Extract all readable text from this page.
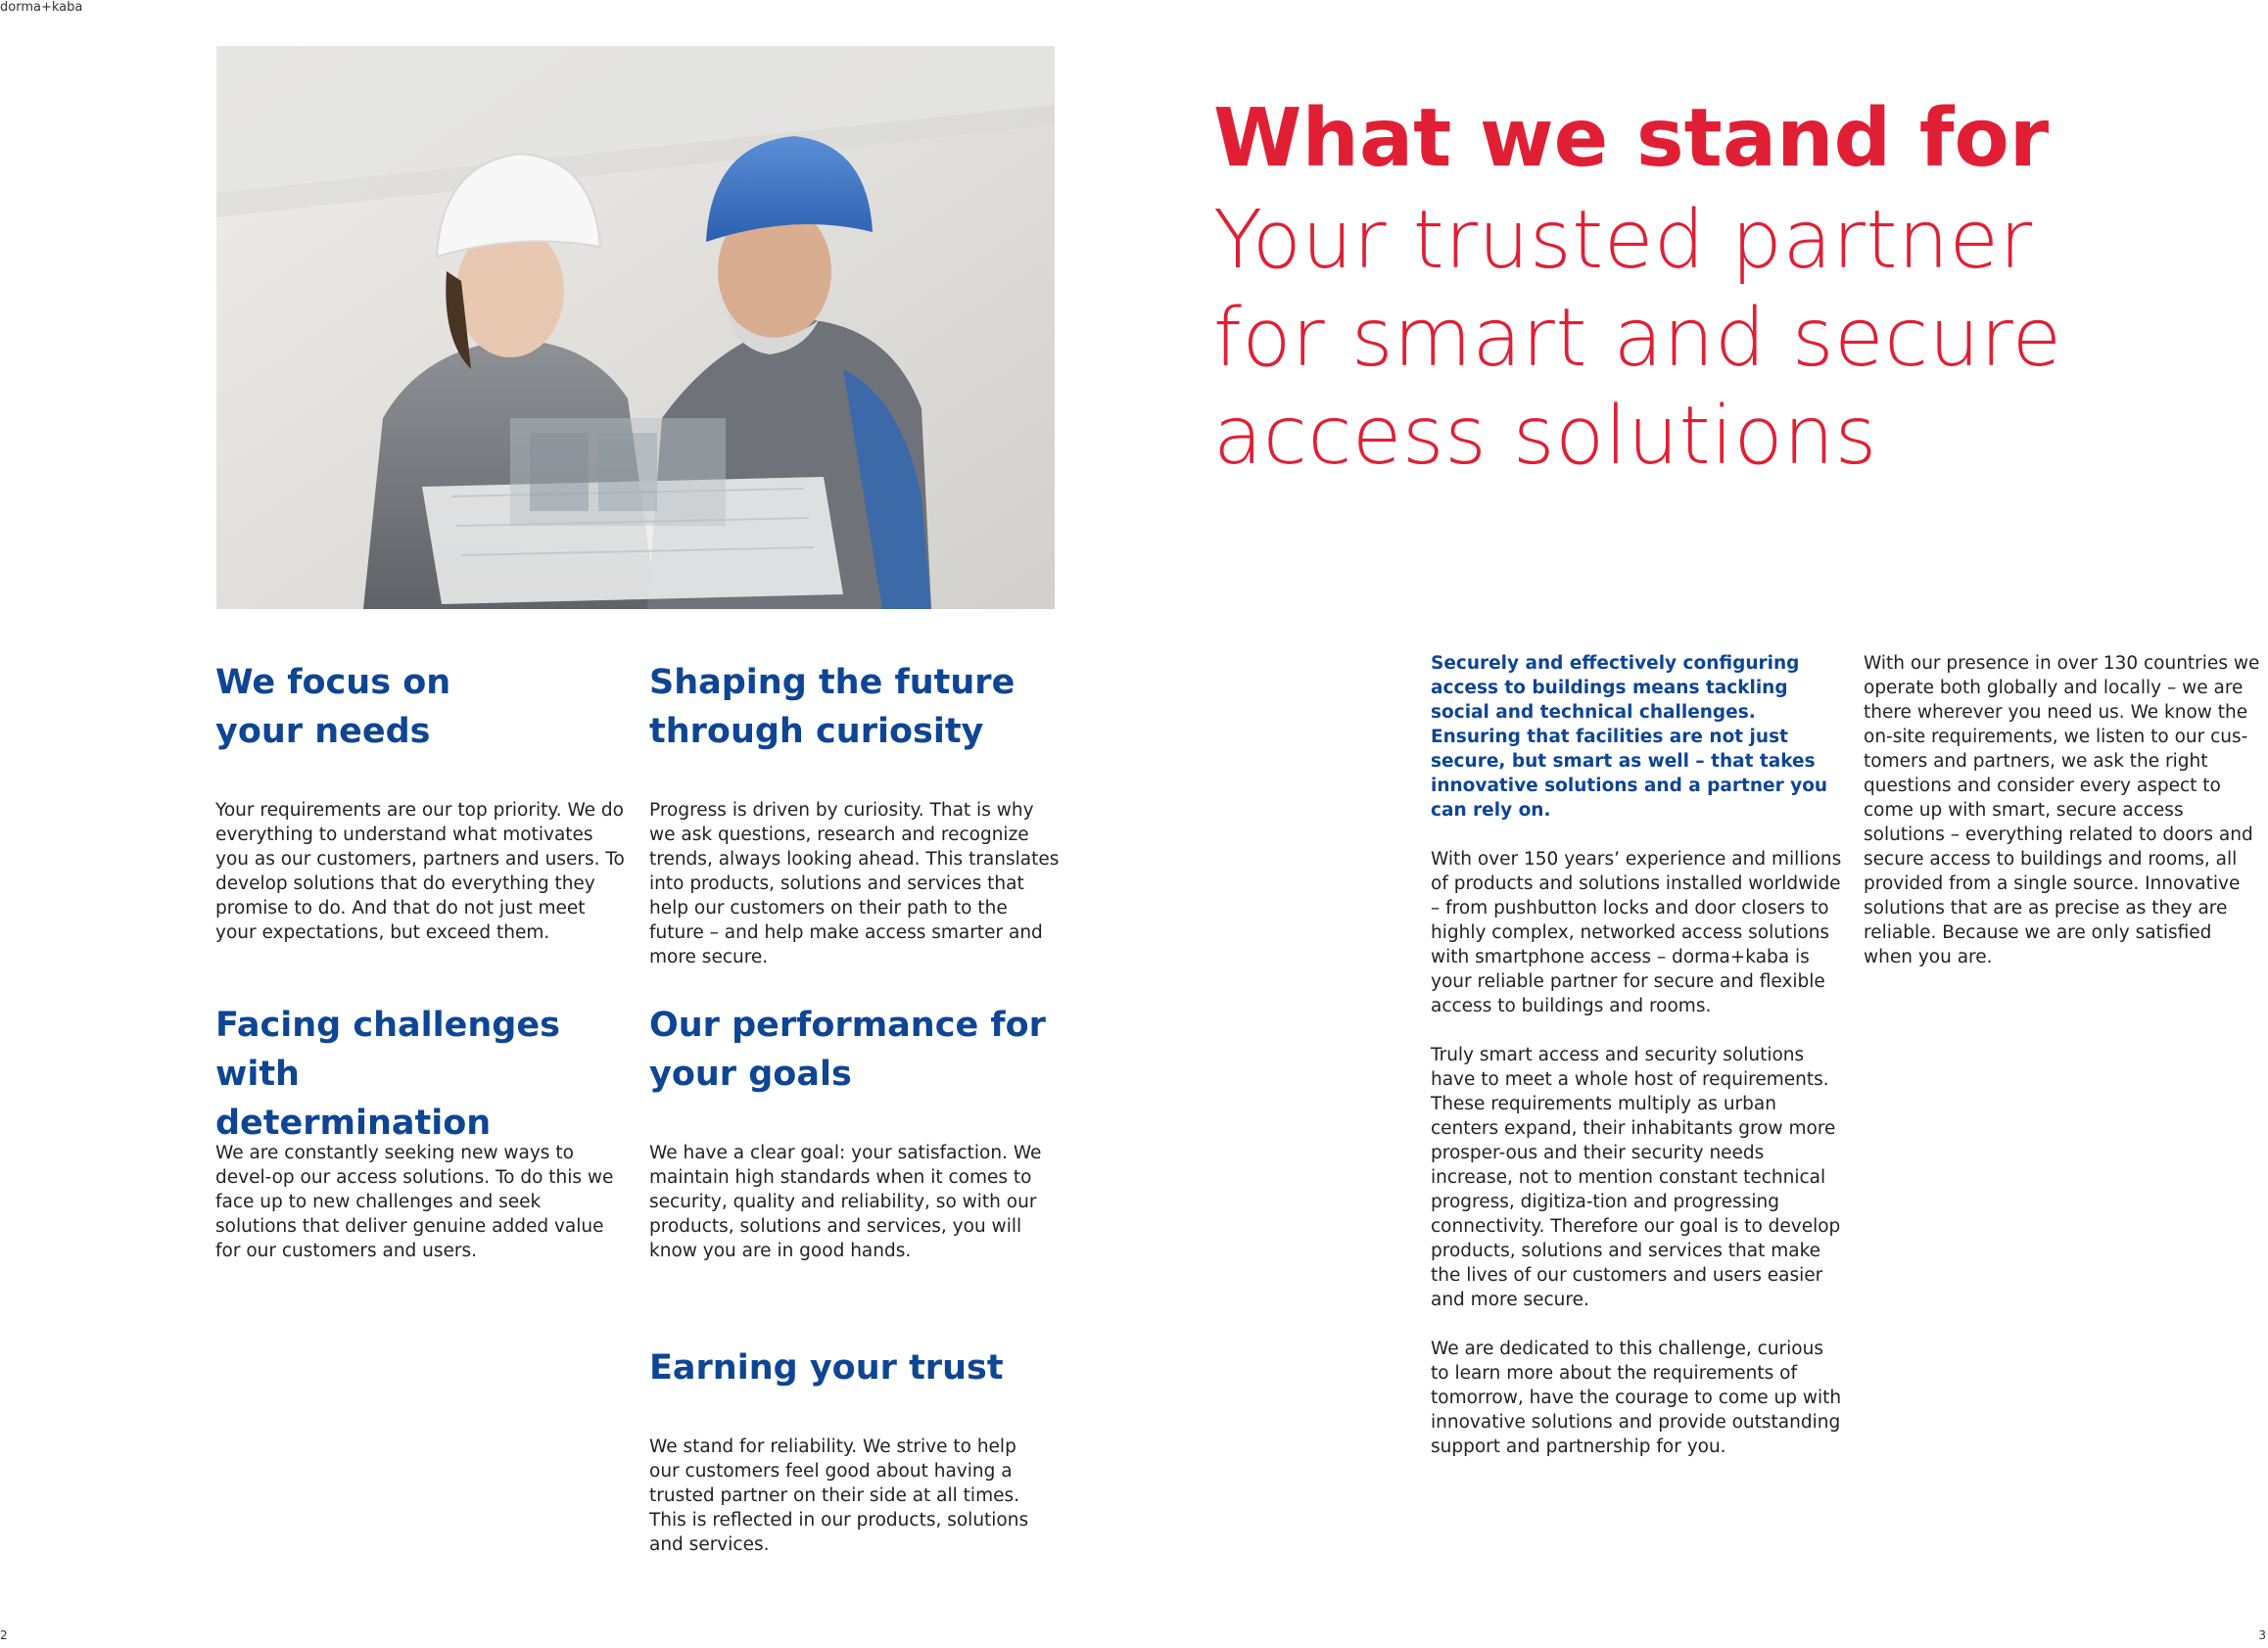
dorma+kaba
What we stand for
Your trusted partner
for smart and secure
access solutions
We focus on
your needs
Your requirements are our top priority. We do everything to understand what motivates you as our customers, partners and users. To develop solutions that do everything they promise to do. And that do not just meet your expectations, but exceed them.
Shaping the future
through curiosity
Progress is driven by curiosity. That is why we ask questions, research and recognize trends, always looking ahead. This translates into products, solutions and services that help our customers on their path to the future – and help make access smarter and more secure.
Facing challenges with
determination
We are constantly seeking new ways to devel-op our access solutions. To do this we face up to new challenges and seek solutions that deliver genuine added value for our customers and users.
Our performance for
your goals
We have a clear goal: your satisfaction. We maintain high standards when it comes to security, quality and reliability, so with our products, solutions and services, you will know you are in good hands.
Earning your trust
We stand for reliability. We strive to help our customers feel good about having a trusted partner on their side at all times. This is reflected in our products, solutions and services.

Securely and effectively configuring access to buildings means tackling social and technical challenges. Ensuring that facilities are not just secure, but smart as well – that takes innovative solutions and a partner you can rely on.

With over 150 years’ experience and millions of products and solutions installed worldwide – from pushbutton locks and door closers to highly complex, networked access solutions with smartphone access – dorma+kaba is your reliable partner for secure and flexible access to buildings and rooms.

Truly smart access and security solutions have to meet a whole host of requirements. These requirements multiply as urban centers expand, their inhabitants grow more prosper-ous and their security needs increase, not to mention constant technical progress, digitiza-tion and progressing connectivity. Therefore our goal is to develop products, solutions and services that make the lives of our customers and users easier and more secure.

We are dedicated to this challenge, curious to learn more about the requirements of tomorrow, have the courage to come up with innovative solutions and provide outstanding support and partnership for you.

With our presence in over 130 countries we operate both globally and locally – we are there wherever you need us. We know the on-site requirements, we listen to our cus-tomers and partners, we ask the right questions and consider every aspect to come up with smart, secure access solutions – everything related to doors and secure access to buildings and rooms, all provided from a single source. Innovative solutions that are as precise as they are reliable. Because we are only satisfied when you are.

2	3
